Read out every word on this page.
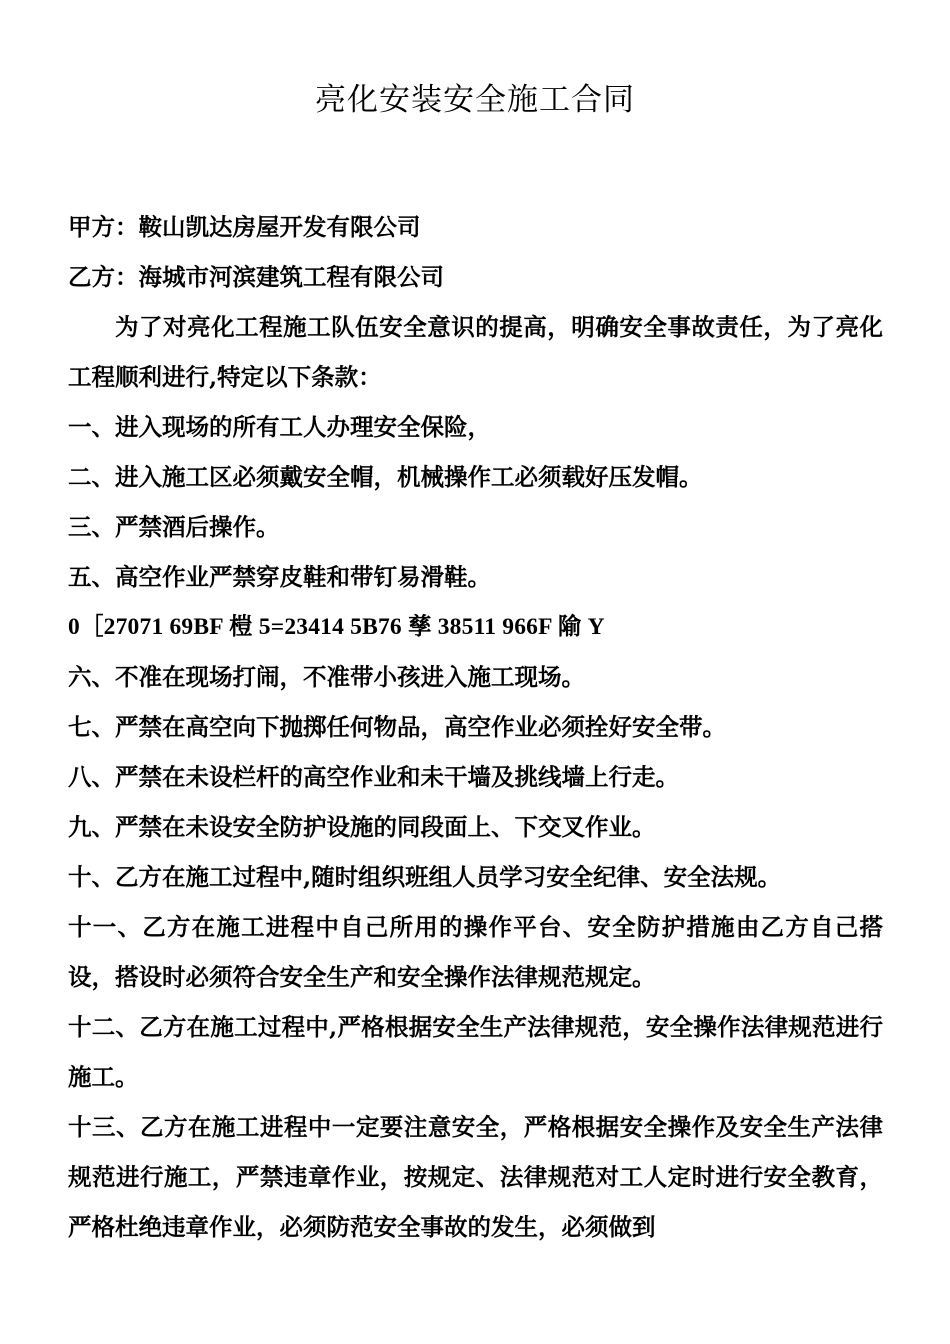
亮化安装安全施工合同

甲方：鞍山凯达房屋开发有限公司

乙方：海城市河滨建筑工程有限公司

为了对亮化工程施工队伍安全意识的提高，明确安全事故责任，为了亮化工程顺利进行,特定以下条款：

一、进入现场的所有工人办理安全保险，

二、进入施工区必须戴安全帽，机械操作工必须载好压发帽。

三、严禁酒后操作。

五、高空作业严禁穿皮鞋和带钉易滑鞋。

0［27071 69BF 榿 5=23414 5B76 孳 38511 966F 隃 Y

六、不准在现场打闹，不准带小孩进入施工现场。

七、严禁在高空向下抛掷任何物品，高空作业必须拴好安全带。

八、严禁在未设栏杆的高空作业和未干墙及挑线墙上行走。

九、严禁在未设安全防护设施的同段面上、下交叉作业。

十、乙方在施工过程中,随时组织班组人员学习安全纪律、安全法规。

十一、乙方在施工进程中自己所用的操作平台、安全防护措施由乙方自己搭设，搭设时必须符合安全生产和安全操作法律规范规定。

十二、乙方在施工过程中,严格根据安全生产法律规范，安全操作法律规范进行施工。

十三、乙方在施工进程中一定要注意安全，严格根据安全操作及安全生产法律规范进行施工，严禁违章作业，按规定、法律规范对工人定时进行安全教育，严格杜绝违章作业，必须防范安全事故的发生，必须做到
